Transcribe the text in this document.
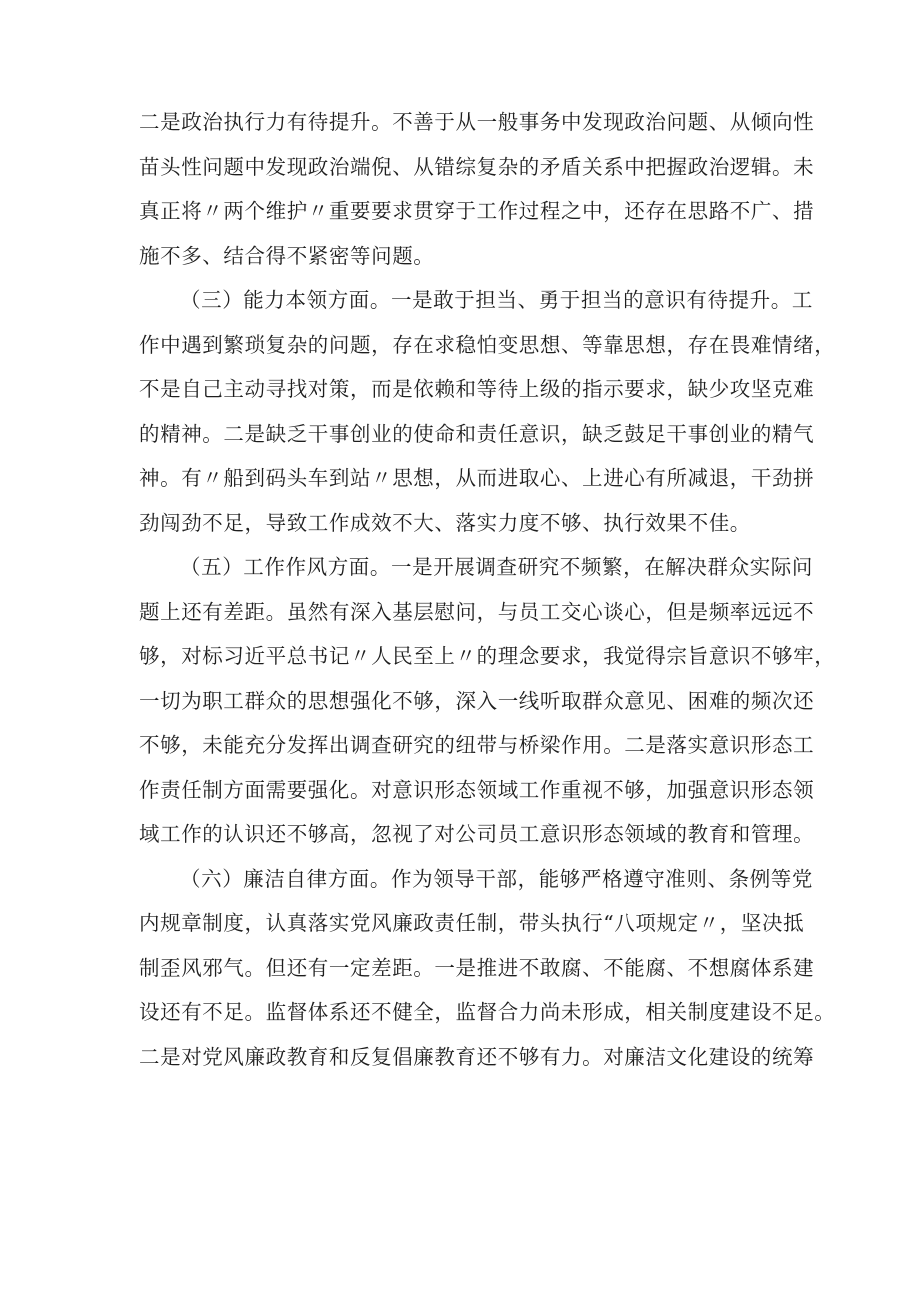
二是政治执行力有待提升。不善于从一般事务中发现政治问题、从倾向性
苗头性问题中发现政治端倪、从错综复杂的矛盾关系中把握政治逻辑。未
真正将〃两个维护〃重要要求贯穿于工作过程之中，还存在思路不广、措
施不多、结合得不紧密等问题。
（三）能力本领方面。一是敢于担当、勇于担当的意识有待提升。工
作中遇到繁琐复杂的问题，存在求稳怕变思想、等靠思想，存在畏难情绪，
不是自己主动寻找对策，而是依赖和等待上级的指示要求，缺少攻坚克难
的精神。二是缺乏干事创业的使命和责任意识，缺乏鼓足干事创业的精气
神。有〃船到码头车到站〃思想，从而进取心、上进心有所减退，干劲拼
劲闯劲不足，导致工作成效不大、落实力度不够、执行效果不佳。
（五）工作作风方面。一是开展调查研究不频繁，在解决群众实际问
题上还有差距。虽然有深入基层慰问，与员工交心谈心，但是频率远远不
够，对标习近平总书记〃人民至上〃的理念要求，我觉得宗旨意识不够牢，
一切为职工群众的思想强化不够，深入一线听取群众意见、困难的频次还
不够，未能充分发挥出调查研究的纽带与桥梁作用。二是落实意识形态工
作责任制方面需要强化。对意识形态领域工作重视不够，加强意识形态领
域工作的认识还不够高，忽视了对公司员工意识形态领域的教育和管理。
（六）廉洁自律方面。作为领导干部，能够严格遵守准则、条例等党
内规章制度，认真落实党风廉政责任制，带头执行“八项规定〃，坚决抵
制歪风邪气。但还有一定差距。一是推进不敢腐、不能腐、不想腐体系建
设还有不足。监督体系还不健全，监督合力尚未形成，相关制度建设不足。
二是对党风廉政教育和反复倡廉教育还不够有力。对廉洁文化建设的统筹
